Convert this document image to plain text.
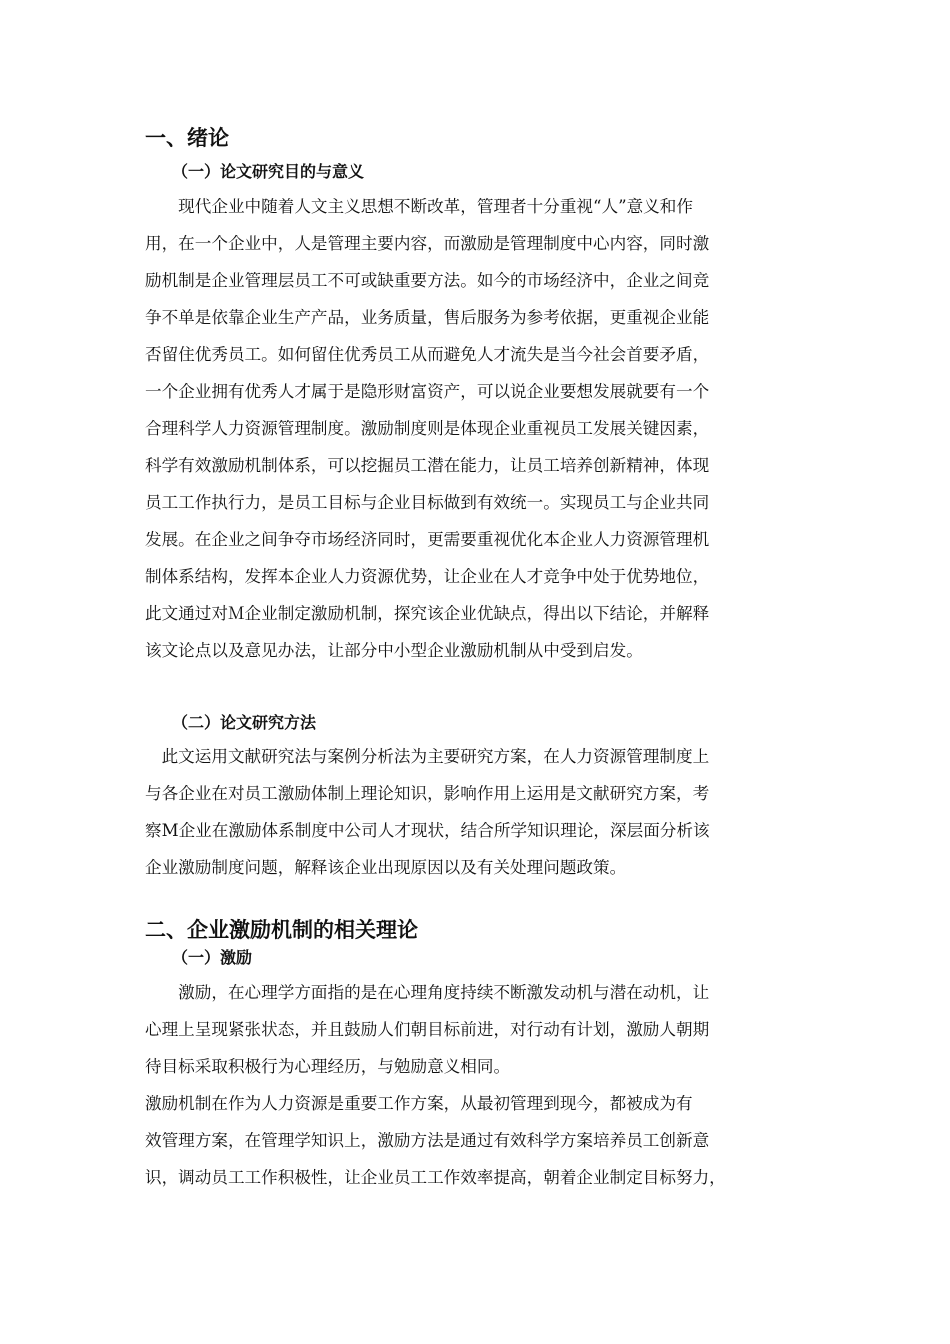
一、绪论
（一）论文研究目的与意义
　　现代企业中随着人文主义思想不断改革，管理者十分重视“人”意义和作
用，在一个企业中，人是管理主要内容，而激励是管理制度中心内容，同时激
励机制是企业管理层员工不可或缺重要方法。如今的市场经济中，企业之间竞
争不单是依靠企业生产产品，业务质量，售后服务为参考依据，更重视企业能
否留住优秀员工。如何留住优秀员工从而避免人才流失是当今社会首要矛盾，
一个企业拥有优秀人才属于是隐形财富资产，可以说企业要想发展就要有一个
合理科学人力资源管理制度。激励制度则是体现企业重视员工发展关键因素，
科学有效激励机制体系，可以挖掘员工潜在能力，让员工培养创新精神，体现
员工工作执行力，是员工目标与企业目标做到有效统一。实现员工与企业共同
发展。在企业之间争夺市场经济同时，更需要重视优化本企业人力资源管理机
制体系结构，发挥本企业人力资源优势，让企业在人才竞争中处于优势地位，
此文通过对Ｍ企业制定激励机制，探究该企业优缺点，得出以下结论，并解释
该文论点以及意见办法，让部分中小型企业激励机制从中受到启发。
（二）论文研究方法
　此文运用文献研究法与案例分析法为主要研究方案，在人力资源管理制度上
与各企业在对员工激励体制上理论知识，影响作用上运用是文献研究方案，考
察M企业在激励体系制度中公司人才现状，结合所学知识理论，深层面分析该
企业激励制度问题，解释该企业出现原因以及有关处理问题政策。
二、企业激励机制的相关理论
（一）激励
　　激励，在心理学方面指的是在心理角度持续不断激发动机与潜在动机，让
心理上呈现紧张状态，并且鼓励人们朝目标前进，对行动有计划，激励人朝期
待目标采取积极行为心理经历，与勉励意义相同。
激励机制在作为人力资源是重要工作方案，从最初管理到现今，都被成为有
效管理方案，在管理学知识上，激励方法是通过有效科学方案培养员工创新意
识，调动员工工作积极性，让企业员工工作效率提高，朝着企业制定目标努力，
